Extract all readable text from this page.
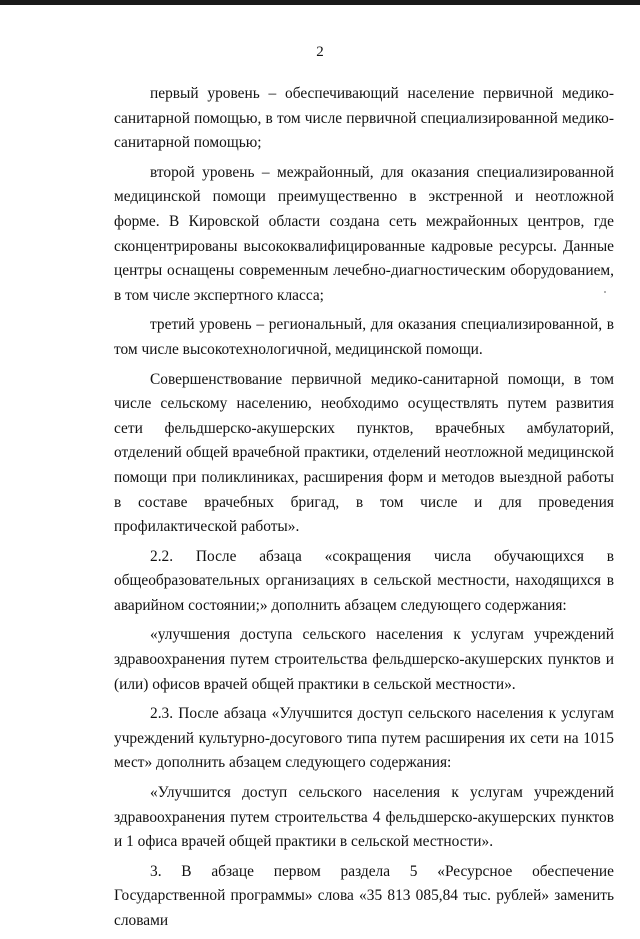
2

первый уровень – обеспечивающий население первичной медико-санитарной помощью, в том числе первичной специализированной медико-санитарной помощью;

второй уровень – межрайонный, для оказания специализированной медицинской помощи преимущественно в экстренной и неотложной форме. В Кировской области создана сеть межрайонных центров, где сконцентрированы высококвалифицированные кадровые ресурсы. Данные центры оснащены современным лечебно-диагностическим оборудованием, в том числе экспертного класса;

третий уровень – региональный, для оказания специализированной, в том числе высокотехнологичной, медицинской помощи.

Совершенствование первичной медико-санитарной помощи, в том числе сельскому населению, необходимо осуществлять путем развития сети фельдшерско-акушерских пунктов, врачебных амбулаторий, отделений общей врачебной практики, отделений неотложной медицинской помощи при поликлиниках, расширения форм и методов выездной работы в составе врачебных бригад, в том числе и для проведения профилактической работы».

2.2. После абзаца «сокращения числа обучающихся в общеобразовательных организациях в сельской местности, находящихся в аварийном состоянии;» дополнить абзацем следующего содержания:

«улучшения доступа сельского населения к услугам учреждений здравоохранения путем строительства фельдшерско-акушерских пунктов и (или) офисов врачей общей практики в сельской местности».

2.3. После абзаца «Улучшится доступ сельского населения к услугам учреждений культурно-досугового типа путем расширения их сети на 1015 мест» дополнить абзацем следующего содержания:

«Улучшится доступ сельского населения к услугам учреждений здравоохранения путем строительства 4 фельдшерско-акушерских пунктов и 1 офиса врачей общей практики в сельской местности».

3. В абзаце первом раздела 5 «Ресурсное обеспечение Государственной программы» слова «35 813 085,84 тыс. рублей» заменить словами
